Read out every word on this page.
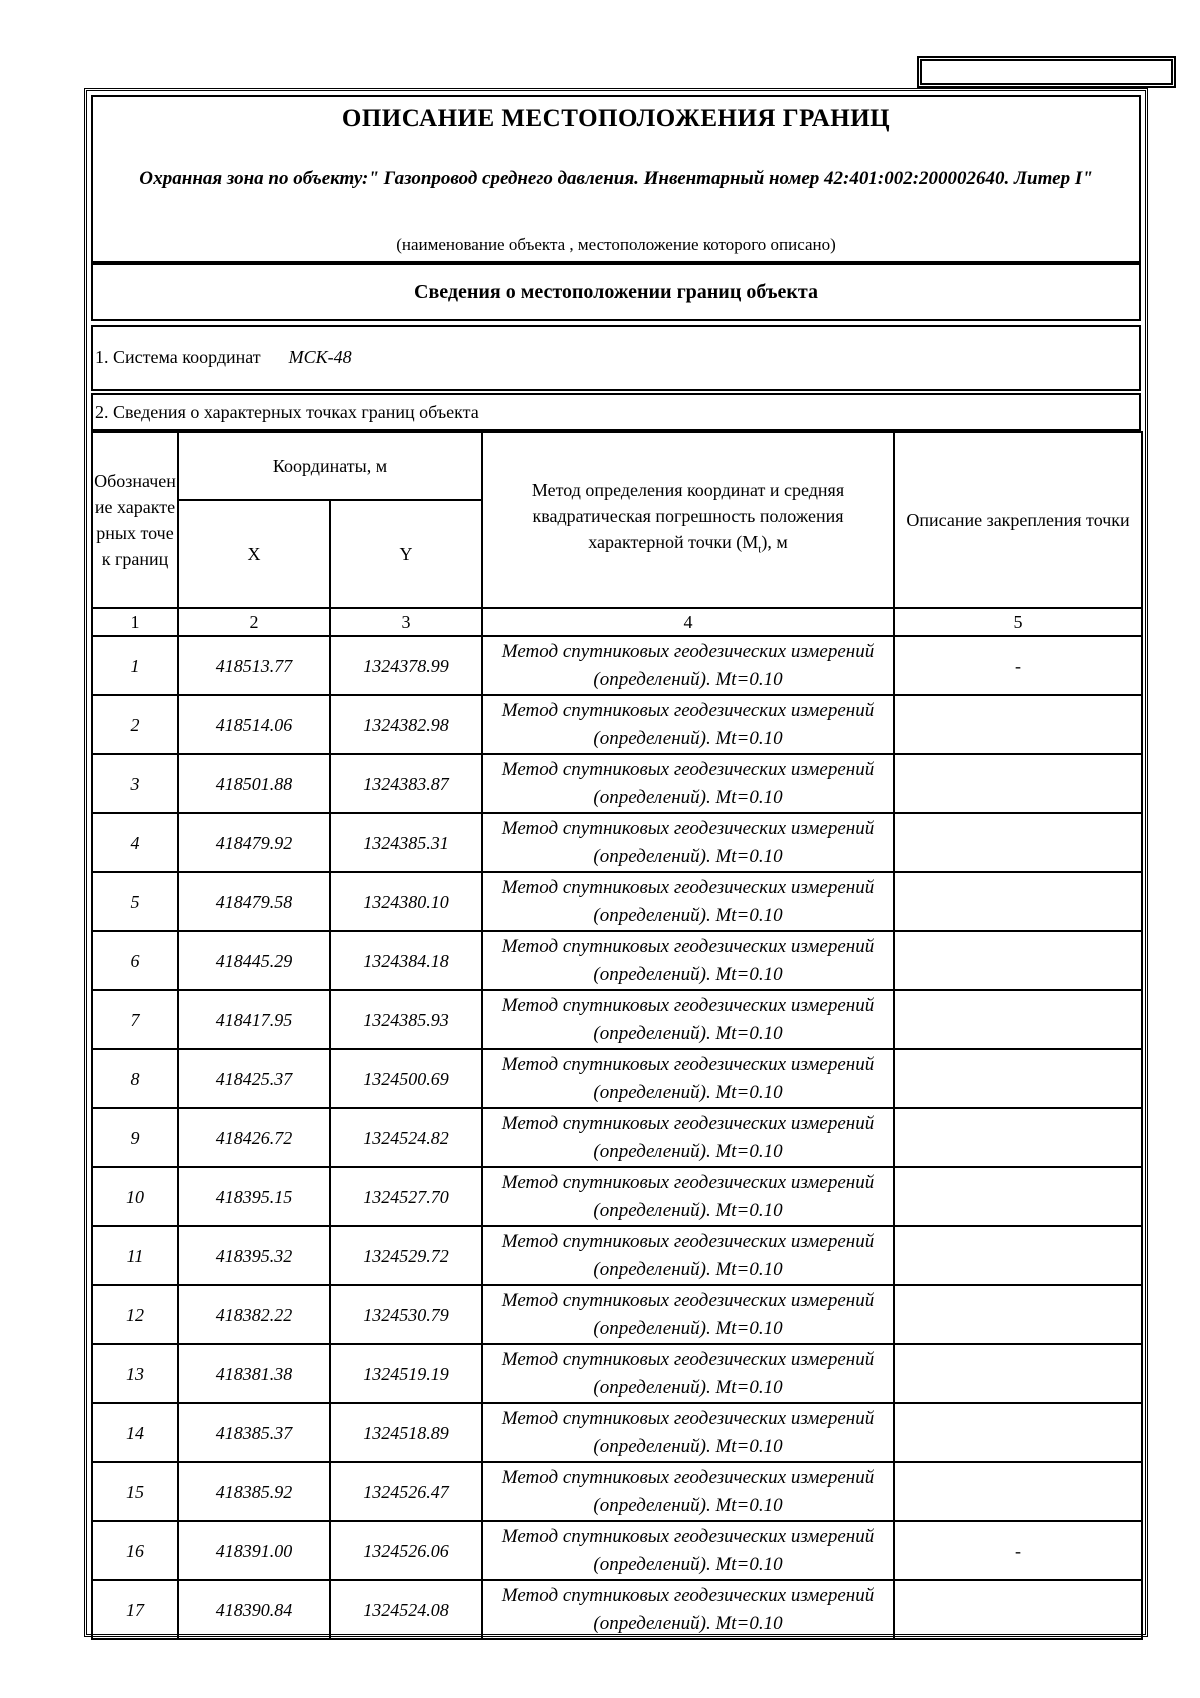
ОПИСАНИЕ МЕСТОПОЛОЖЕНИЯ ГРАНИЦ
Охранная зона по объекту:" Газопровод среднего давления. Инвентарный номер 42:401:002:200002640. Литер I"
(наименование объекта , местоположение которого описано)
Сведения о местоположении границ объекта
1. Система координат МСК-48
2. Сведения о характерных точках границ объекта
Обозначение характерных точек границ	Координаты, м		Метод определения координат и средняя квадратическая погрешность положения характерной точки $(M_t)$, м	Описание закрепления точки
	X	Y		
1	2	3	4	5
1	418513.77	1324378.99	Метод спутниковых геодезических измерений (определений). Mt=0.10	-
2	418514.06	1324382.98	Метод спутниковых геодезических измерений (определений). Mt=0.10	
3	418501.88	1324383.87	Метод спутниковых геодезических измерений (определений). Mt=0.10	
4	418479.92	1324385.31	Метод спутниковых геодезических измерений (определений). Mt=0.10	
5	418479.58	1324380.10	Метод спутниковых геодезических измерений (определений). Mt=0.10	
6	418445.29	1324384.18	Метод спутниковых геодезических измерений (определений). Mt=0.10	
7	418417.95	1324385.93	Метод спутниковых геодезических измерений (определений). Mt=0.10	
8	418425.37	1324500.69	Метод спутниковых геодезических измерений (определений). Mt=0.10	
9	418426.72	1324524.82	Метод спутниковых геодезических измерений (определений). Mt=0.10	
10	418395.15	1324527.70	Метод спутниковых геодезических измерений (определений). Mt=0.10	
11	418395.32	1324529.72	Метод спутниковых геодезических измерений (определений). Mt=0.10	
12	418382.22	1324530.79	Метод спутниковых геодезических измерений (определений). Mt=0.10	
13	418381.38	1324519.19	Метод спутниковых геодезических измерений (определений). Mt=0.10	
14	418385.37	1324518.89	Метод спутниковых геодезических измерений (определений). Mt=0.10	
15	418385.92	1324526.47	Метод спутниковых геодезических измерений (определений). Mt=0.10	
16	418391.00	1324526.06	Метод спутниковых геодезических измерений (определений). Mt=0.10	-
17	418390.84	1324524.08	Метод спутниковых геодезических измерений (определений). Mt=0.10	
